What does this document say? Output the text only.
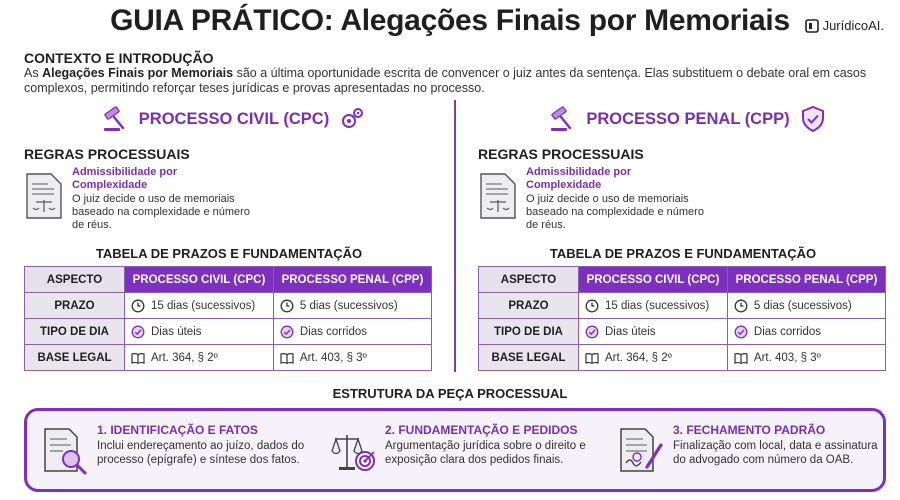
GUIA PRÁTICO: Alegações Finais por Memoriais	JurídicoAI.
CONTEXTO E INTRODUÇÃO
As Alegações Finais por Memoriais são a última oportunidade escrita de convencer o juiz antes da sentença. Elas substituem o debate oral em casos complexos, permitindo reforçar teses jurídicas e provas apresentadas no processo.
PROCESSO CIVIL (CPC)
REGRAS PROCESSUAIS
Admissibilidade por Complexidade
O juiz decide o uso de memoriais baseado na complexidade e número de réus.
TABELA DE PRAZOS E FUNDAMENTAÇÃO
ASPECTO	PROCESSO CIVIL (CPC)	PROCESSO PENAL (CPP)
PRAZO	15 dias (sucessivos)	5 dias (sucessivos)

TIPO DE DIA	Dias úteis	Dias corridos

BASE LEGAL	Art. 364, § 2º	Art. 403, § 3º
PROCESSO PENAL (CPP)
REGRAS PROCESSUAIS
Admissibilidade por Complexidade
O juiz decide o uso de memoriais baseado na complexidade e número de réus.
TABELA DE PRAZOS E FUNDAMENTAÇÃO
ASPECTO	PROCESSO CIVIL (CPC)	PROCESSO PENAL (CPP)
PRAZO	15 dias (sucessivos)	5 dias (sucessivos)

TIPO DE DIA	Dias úteis	Dias corridos

BASE LEGAL	Art. 364, § 2º	Art. 403, § 3º
ESTRUTURA DA PEÇA PROCESSUAL
1. IDENTIFICAÇÃO E FATOS
Inclui endereçamento ao juízo, dados do processo (epígrafe) e síntese dos fatos.
2. FUNDAMENTAÇÃO E PEDIDOS
Argumentação jurídica sobre o direito e exposição clara dos pedidos finais.
3. FECHAMENTO PADRÃO
Finalização com local, data e assinatura do advogado com número da OAB.
